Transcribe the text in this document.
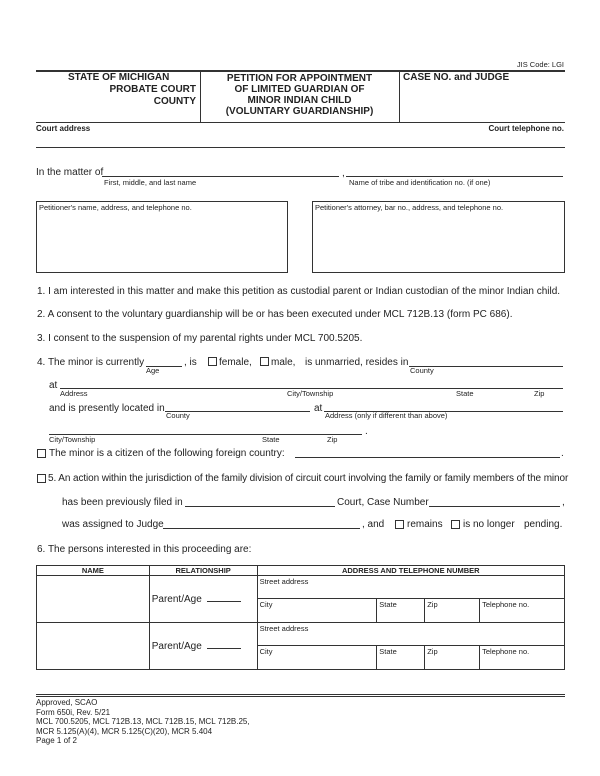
JIS Code: LGI
STATE OF MICHIGAN
PROBATE COURT
COUNTY
PETITION FOR APPOINTMENT
OF LIMITED GUARDIAN OF
MINOR INDIAN CHILD
(VOLUNTARY GUARDIANSHIP)
CASE NO. and JUDGE
Court address	Court telephone no.
In the matter of
First, middle, and last name
,
Name of tribe and identification no. (if one)
Petitioner's name, address, and telephone no.	Petitioner's attorney, bar no., address, and telephone no.
1. I am interested in this matter and make this petition as custodial parent or Indian custodian of the minor Indian child.
2. A consent to the voluntary guardianship will be or has been executed under MCL 712B.13 (form PC 686).
3. I consent to the suspension of my parental rights under MCL 700.5205.
4. The minor is currently
Age
, is female, male, is unmarried, resides in
County
at
Address	City/Township	State	Zip
and is presently located in
County
at
Address (only if different than above)
.
City/Township	State	Zip
The minor is a citizen of the following foreign country:	.
5. An action within the jurisdiction of the family division of circuit court involving the family or family members of the minor
has been previously filed in	Court, Case Number	,
was assigned to Judge	, and remains is no longer pending.
6. The persons interested in this proceeding are:
NAME	RELATIONSHIP	ADDRESS AND TELEPHONE NUMBER			
	Parent/Age	Street address			
		City	State	Zip	Telephone no.
	Parent/Age	Street address			
		City	State	Zip	Telephone no.
Approved, SCAO
Form 650i, Rev. 5/21
MCL 700.5205, MCL 712B.13, MCL 712B.15, MCL 712B.25,
MCR 5.125(A)(4), MCR 5.125(C)(20), MCR 5.404
Page 1 of 2
